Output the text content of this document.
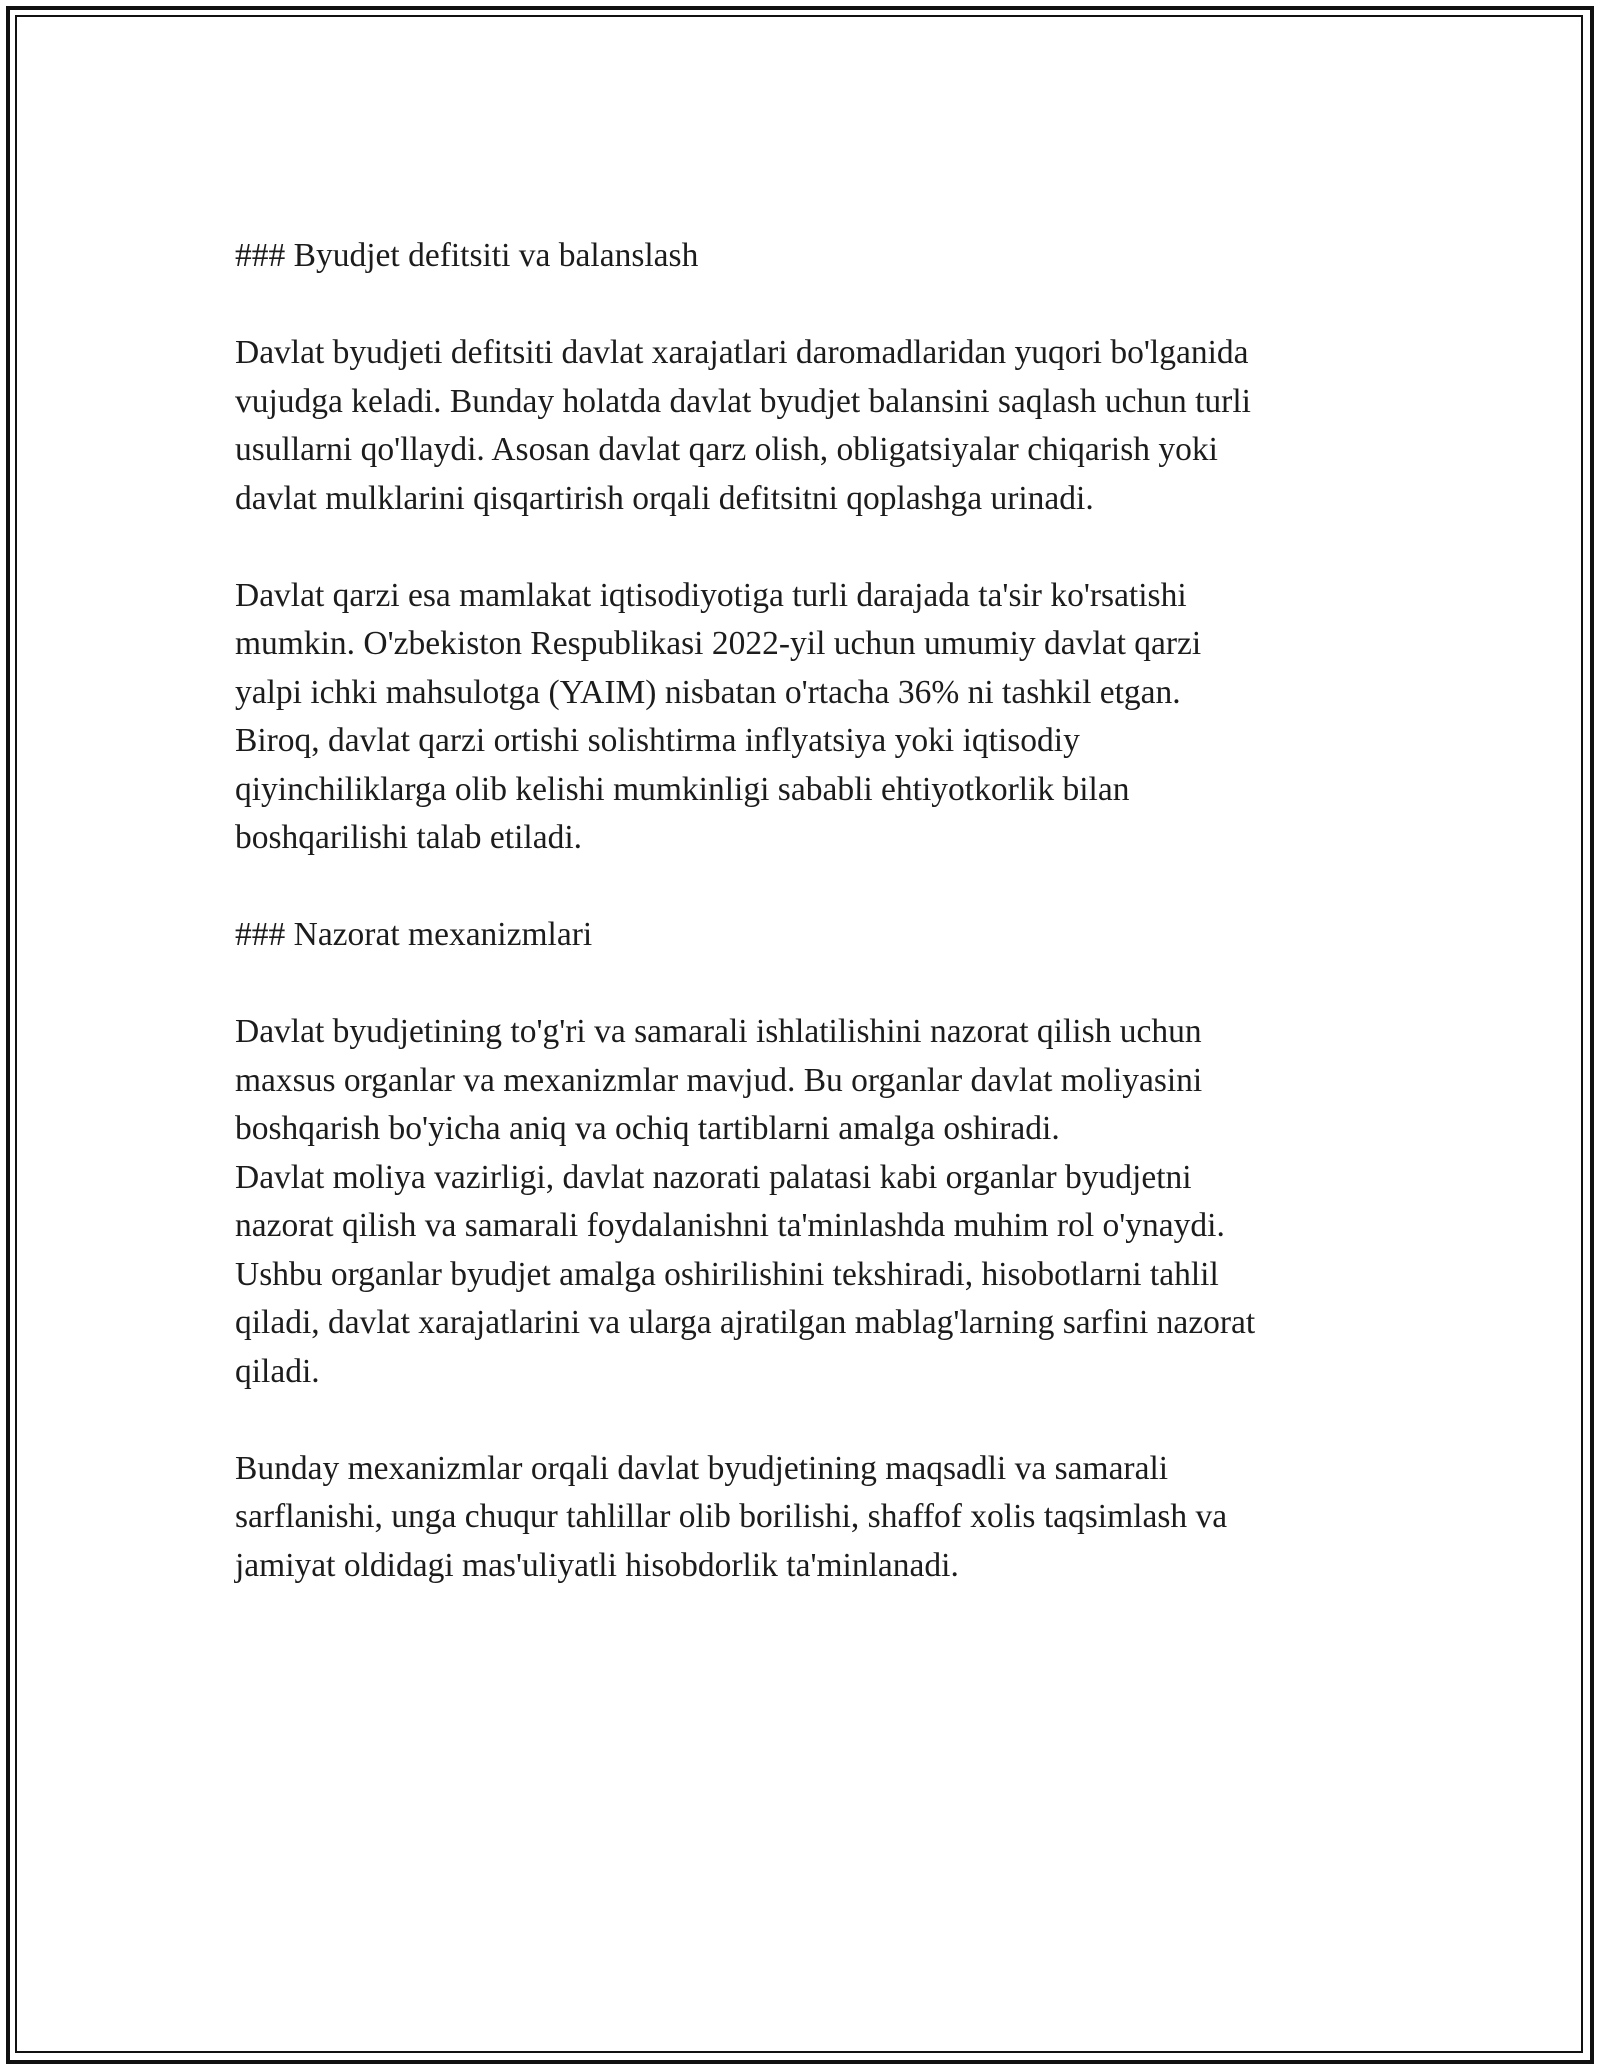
### Byudjet defitsiti va balanslash
Davlat byudjeti defitsiti davlat xarajatlari daromadlaridan yuqori bo'lganida
vujudga keladi. Bunday holatda davlat byudjet balansini saqlash uchun turli
usullarni qo'llaydi. Asosan davlat qarz olish, obligatsiyalar chiqarish yoki
davlat mulklarini qisqartirish orqali defitsitni qoplashga urinadi.
Davlat qarzi esa mamlakat iqtisodiyotiga turli darajada ta'sir ko'rsatishi
mumkin. O'zbekiston Respublikasi 2022-yil uchun umumiy davlat qarzi
yalpi ichki mahsulotga (YAIM) nisbatan o'rtacha 36% ni tashkil etgan.
Biroq, davlat qarzi ortishi solishtirma inflyatsiya yoki iqtisodiy
qiyinchiliklarga olib kelishi mumkinligi sababli ehtiyotkorlik bilan
boshqarilishi talab etiladi.
### Nazorat mexanizmlari
Davlat byudjetining to'g'ri va samarali ishlatilishini nazorat qilish uchun
maxsus organlar va mexanizmlar mavjud. Bu organlar davlat moliyasini
boshqarish bo'yicha aniq va ochiq tartiblarni amalga oshiradi.
Davlat moliya vazirligi, davlat nazorati palatasi kabi organlar byudjetni
nazorat qilish va samarali foydalanishni ta'minlashda muhim rol o'ynaydi.
Ushbu organlar byudjet amalga oshirilishini tekshiradi, hisobotlarni tahlil
qiladi, davlat xarajatlarini va ularga ajratilgan mablag'larning sarfini nazorat
qiladi.
Bunday mexanizmlar orqali davlat byudjetining maqsadli va samarali
sarflanishi, unga chuqur tahlillar olib borilishi, shaffof xolis taqsimlash va
jamiyat oldidagi mas'uliyatli hisobdorlik ta'minlanadi.
